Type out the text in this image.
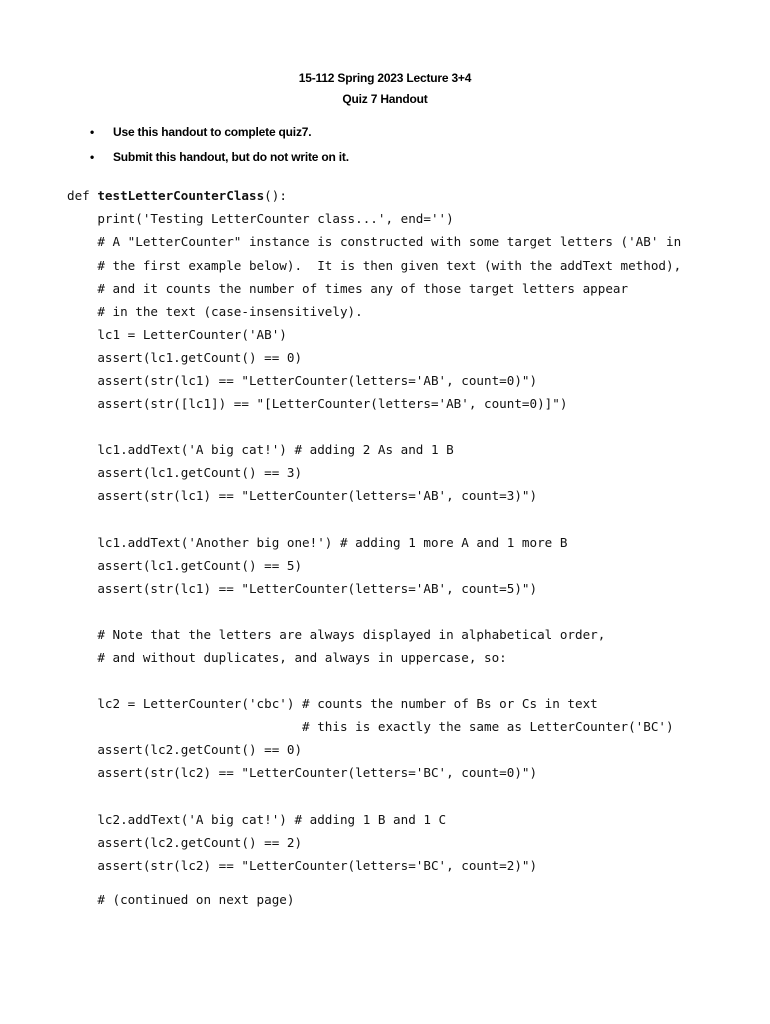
15-112 Spring 2023 Lecture 3+4
Quiz 7 Handout
• Use this handout to complete quiz7.
• Submit this handout, but do not write on it.
def testLetterCounterClass():
print('Testing LetterCounter class...', end='')
# A "LetterCounter" instance is constructed with some target letters ('AB' in
# the first example below).  It is then given text (with the addText method),
# and it counts the number of times any of those target letters appear
# in the text (case-insensitively).
lc1 = LetterCounter('AB')
assert(lc1.getCount() == 0)
assert(str(lc1) == "LetterCounter(letters='AB', count=0)")
assert(str([lc1]) == "[LetterCounter(letters='AB', count=0)]")
lc1.addText('A big cat!') # adding 2 As and 1 B
assert(lc1.getCount() == 3)
assert(str(lc1) == "LetterCounter(letters='AB', count=3)")
lc1.addText('Another big one!') # adding 1 more A and 1 more B
assert(lc1.getCount() == 5)
assert(str(lc1) == "LetterCounter(letters='AB', count=5)")
# Note that the letters are always displayed in alphabetical order,
# and without duplicates, and always in uppercase, so:
lc2 = LetterCounter('cbc') # counts the number of Bs or Cs in text
# this is exactly the same as LetterCounter('BC')
assert(lc2.getCount() == 0)
assert(str(lc2) == "LetterCounter(letters='BC', count=0)")
lc2.addText('A big cat!') # adding 1 B and 1 C
assert(lc2.getCount() == 2)
assert(str(lc2) == "LetterCounter(letters='BC', count=2)")
# (continued on next page)
